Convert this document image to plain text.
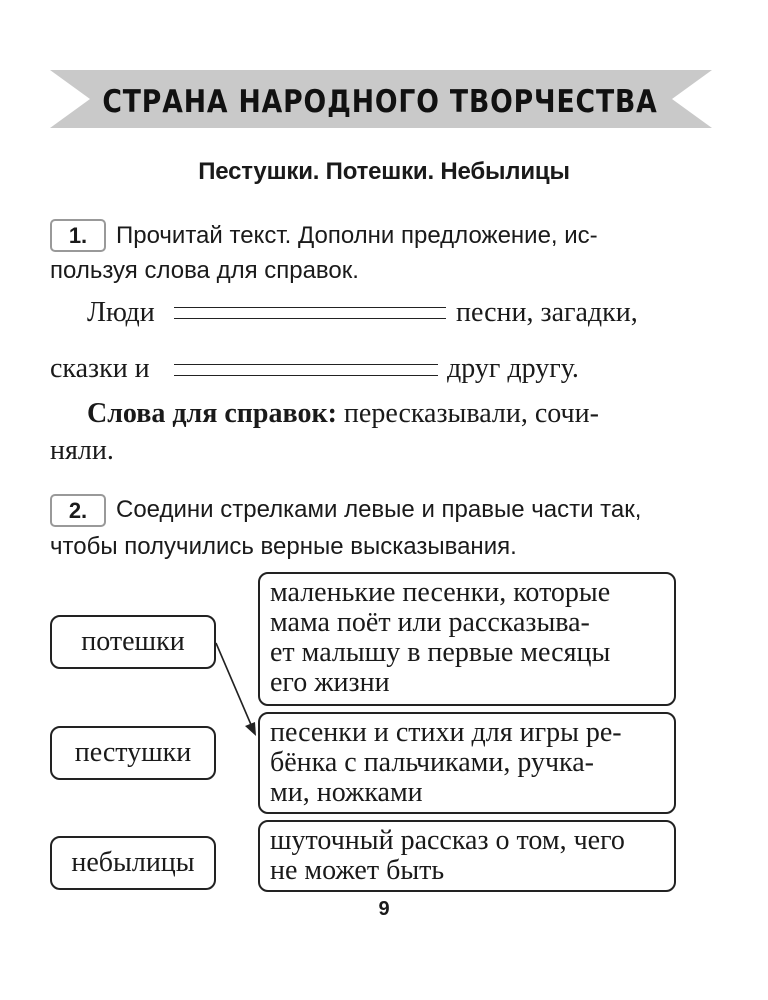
СТРАНА НАРОДНОГО ТВОРЧЕСТВА
Пестушки. Потешки. Небылицы
1.	Прочитай текст. Дополни предложение, ис-
пользуя слова для справок.
Люди	песни, загадки,
сказки и	друг другу.
Слова для справок: пересказывали, сочи-
няли.
2.	Соедини стрелками левые и правые части так,
чтобы получились верные высказывания.
потешки
пестушки
небылицы
маленькие песенки, которые
мама поёт или рассказыва-
ет малышу в первые месяцы
его жизни
песенки и стихи для игры ре-
бёнка с пальчиками, ручка-
ми, ножками
шуточный рассказ о том, чего
не может быть
9
